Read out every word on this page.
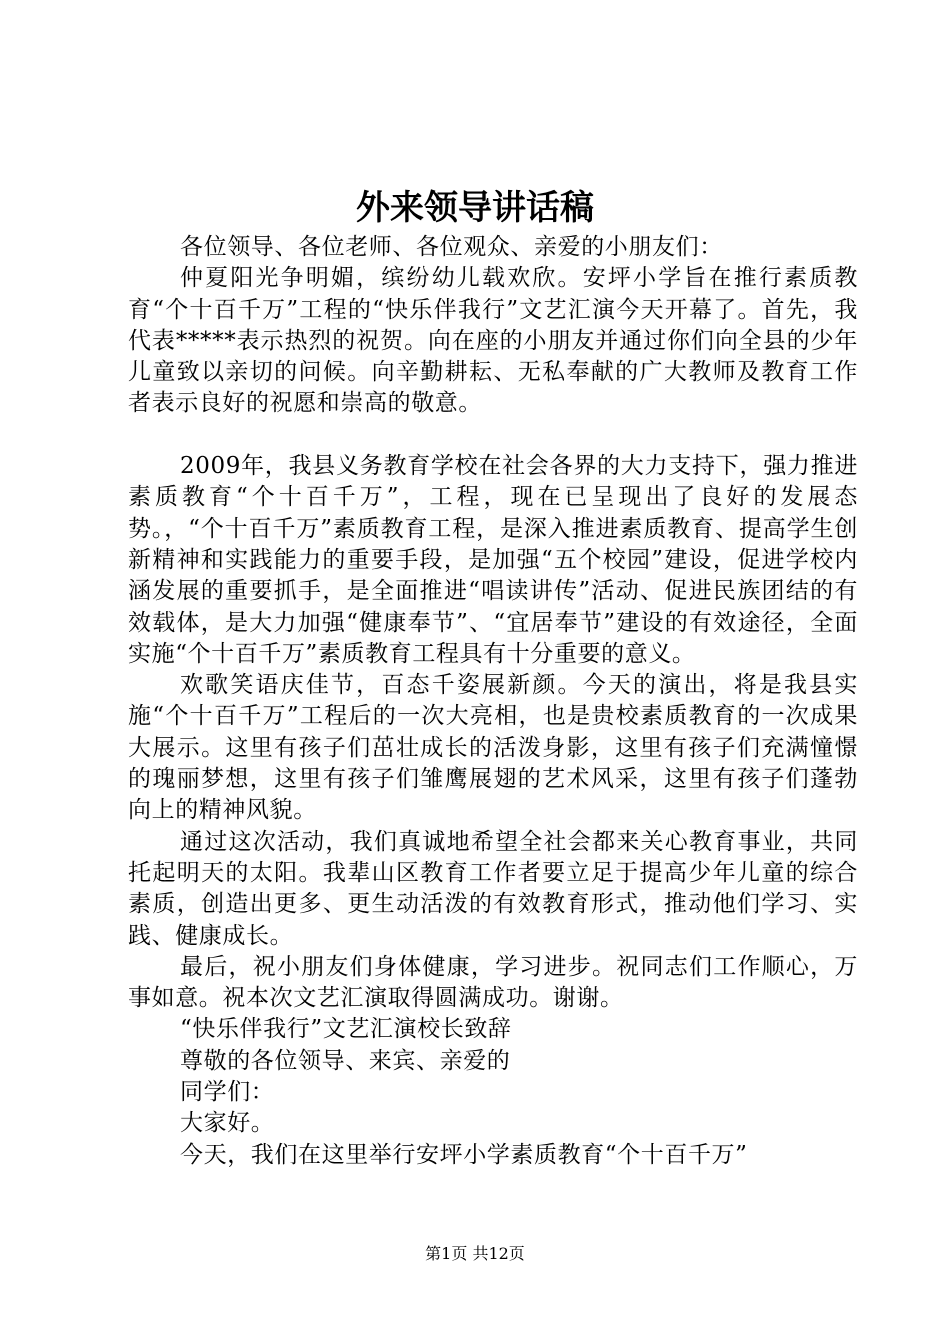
外来领导讲话稿

各位领导、各位老师、各位观众、亲爱的小朋友们：

仲夏阳光争明媚，缤纷幼儿载欢欣。安坪小学旨在推行素质教育“个十百千万”工程的“快乐伴我行”文艺汇演今天开幕了。首先，我代表*****表示热烈的祝贺。向在座的小朋友并通过你们向全县的少年儿童致以亲切的问候。向辛勤耕耘、无私奉献的广大教师及教育工作者表示良好的祝愿和崇高的敬意。

2009年，我县义务教育学校在社会各界的大力支持下，强力推进素质教育“个十百千万”，工程，现在已呈现出了良好的发展态势。，“个十百千万”素质教育工程，是深入推进素质教育、提高学生创新精神和实践能力的重要手段，是加强“五个校园”建设，促进学校内涵发展的重要抓手，是全面推进“唱读讲传”活动、促进民族团结的有效载体，是大力加强“健康奉节”、“宜居奉节”建设的有效途径，全面实施“个十百千万”素质教育工程具有十分重要的意义。

欢歌笑语庆佳节，百态千姿展新颜。今天的演出，将是我县实施“个十百千万”工程后的一次大亮相，也是贵校素质教育的一次成果大展示。这里有孩子们茁壮成长的活泼身影，这里有孩子们充满憧憬的瑰丽梦想，这里有孩子们雏鹰展翅的艺术风采，这里有孩子们蓬勃向上的精神风貌。

通过这次活动，我们真诚地希望全社会都来关心教育事业，共同托起明天的太阳。我辈山区教育工作者要立足于提高少年儿童的综合素质，创造出更多、更生动活泼的有效教育形式，推动他们学习、实践、健康成长。

最后，祝小朋友们身体健康，学习进步。祝同志们工作顺心，万事如意。祝本次文艺汇演取得圆满成功。谢谢。

“快乐伴我行”文艺汇演校长致辞

尊敬的各位领导、来宾、亲爱的

同学们：

大家好。

今天，我们在这里举行安坪小学素质教育“个十百千万”

第1页 共12页
